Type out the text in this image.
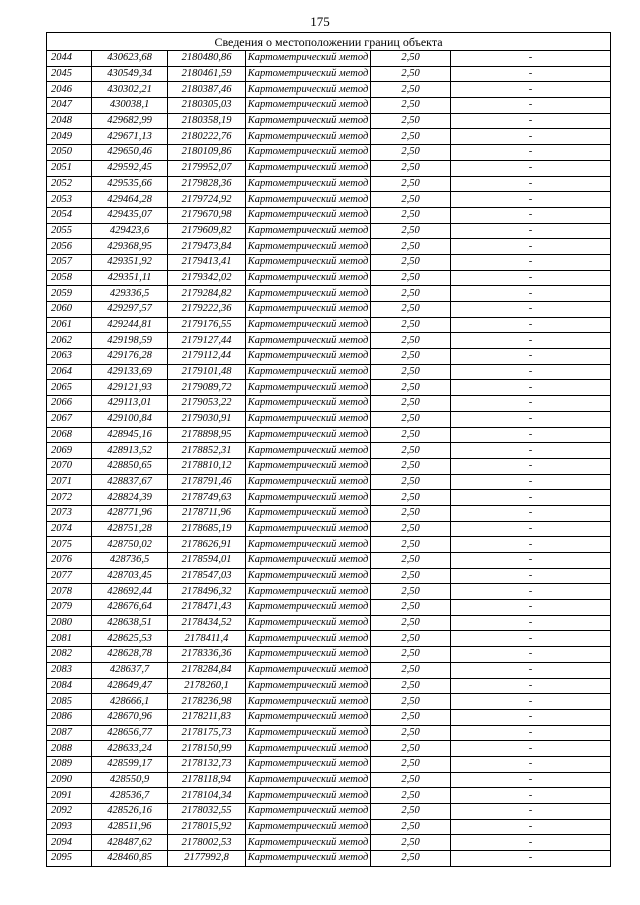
175
Сведения о местоположении границ объекта					
2044	430623,68	2180480,86	Картометрический метод	2,50	-
2045	430549,34	2180461,59	Картометрический метод	2,50	-
2046	430302,21	2180387,46	Картометрический метод	2,50	-
2047	430038,1	2180305,03	Картометрический метод	2,50	-
2048	429682,99	2180358,19	Картометрический метод	2,50	-
2049	429671,13	2180222,76	Картометрический метод	2,50	-
2050	429650,46	2180109,86	Картометрический метод	2,50	-
2051	429592,45	2179952,07	Картометрический метод	2,50	-
2052	429535,66	2179828,36	Картометрический метод	2,50	-
2053	429464,28	2179724,92	Картометрический метод	2,50	-
2054	429435,07	2179670,98	Картометрический метод	2,50	-
2055	429423,6	2179609,82	Картометрический метод	2,50	-
2056	429368,95	2179473,84	Картометрический метод	2,50	-
2057	429351,92	2179413,41	Картометрический метод	2,50	-
2058	429351,11	2179342,02	Картометрический метод	2,50	-
2059	429336,5	2179284,82	Картометрический метод	2,50	-
2060	429297,57	2179222,36	Картометрический метод	2,50	-
2061	429244,81	2179176,55	Картометрический метод	2,50	-
2062	429198,59	2179127,44	Картометрический метод	2,50	-
2063	429176,28	2179112,44	Картометрический метод	2,50	-
2064	429133,69	2179101,48	Картометрический метод	2,50	-
2065	429121,93	2179089,72	Картометрический метод	2,50	-
2066	429113,01	2179053,22	Картометрический метод	2,50	-
2067	429100,84	2179030,91	Картометрический метод	2,50	-
2068	428945,16	2178898,95	Картометрический метод	2,50	-
2069	428913,52	2178852,31	Картометрический метод	2,50	-
2070	428850,65	2178810,12	Картометрический метод	2,50	-
2071	428837,67	2178791,46	Картометрический метод	2,50	-
2072	428824,39	2178749,63	Картометрический метод	2,50	-
2073	428771,96	2178711,96	Картометрический метод	2,50	-
2074	428751,28	2178685,19	Картометрический метод	2,50	-
2075	428750,02	2178626,91	Картометрический метод	2,50	-
2076	428736,5	2178594,01	Картометрический метод	2,50	-
2077	428703,45	2178547,03	Картометрический метод	2,50	-
2078	428692,44	2178496,32	Картометрический метод	2,50	-
2079	428676,64	2178471,43	Картометрический метод	2,50	-
2080	428638,51	2178434,52	Картометрический метод	2,50	-
2081	428625,53	2178411,4	Картометрический метод	2,50	-
2082	428628,78	2178336,36	Картометрический метод	2,50	-
2083	428637,7	2178284,84	Картометрический метод	2,50	-
2084	428649,47	2178260,1	Картометрический метод	2,50	-
2085	428666,1	2178236,98	Картометрический метод	2,50	-
2086	428670,96	2178211,83	Картометрический метод	2,50	-
2087	428656,77	2178175,73	Картометрический метод	2,50	-
2088	428633,24	2178150,99	Картометрический метод	2,50	-
2089	428599,17	2178132,73	Картометрический метод	2,50	-
2090	428550,9	2178118,94	Картометрический метод	2,50	-
2091	428536,7	2178104,34	Картометрический метод	2,50	-
2092	428526,16	2178032,55	Картометрический метод	2,50	-
2093	428511,96	2178015,92	Картометрический метод	2,50	-
2094	428487,62	2178002,53	Картометрический метод	2,50	-
2095	428460,85	2177992,8	Картометрический метод	2,50	-
